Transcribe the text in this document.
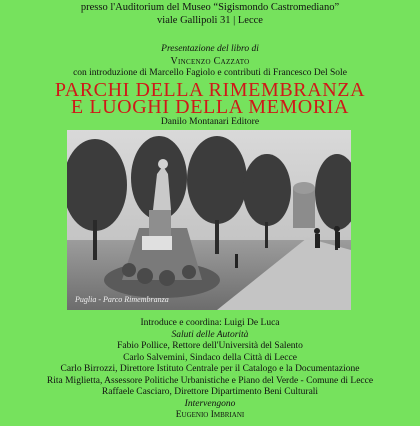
presso l'Auditorium del Museo “Sigismondo Castromediano”
viale Gallipoli 31 | Lecce
Presentazione del libro di
Vincenzo Cazzato
con introduzione di Marcello Fagiolo e contributi di Francesco Del Sole
PARCHI DELLA RIMEMBRANZA
E LUOGHI DELLA MEMORIA
Danilo Montanari Editore
Puglia - Parco Rimembranza
Introduce e coordina: Luigi De Luca
Saluti delle Autorità
Fabio Pollice, Rettore dell'Università del Salento
Carlo Salvemini, Sindaco della Città di Lecce
Carlo Birrozzi, Direttore Istituto Centrale per il Catalogo e la Documentazione
Rita Miglietta, Assessore Politiche Urbanistiche e Piano del Verde - Comune di Lecce
Raffaele Casciaro, Direttore Dipartimento Beni Culturali
Intervengono
Eugenio Imbriani
